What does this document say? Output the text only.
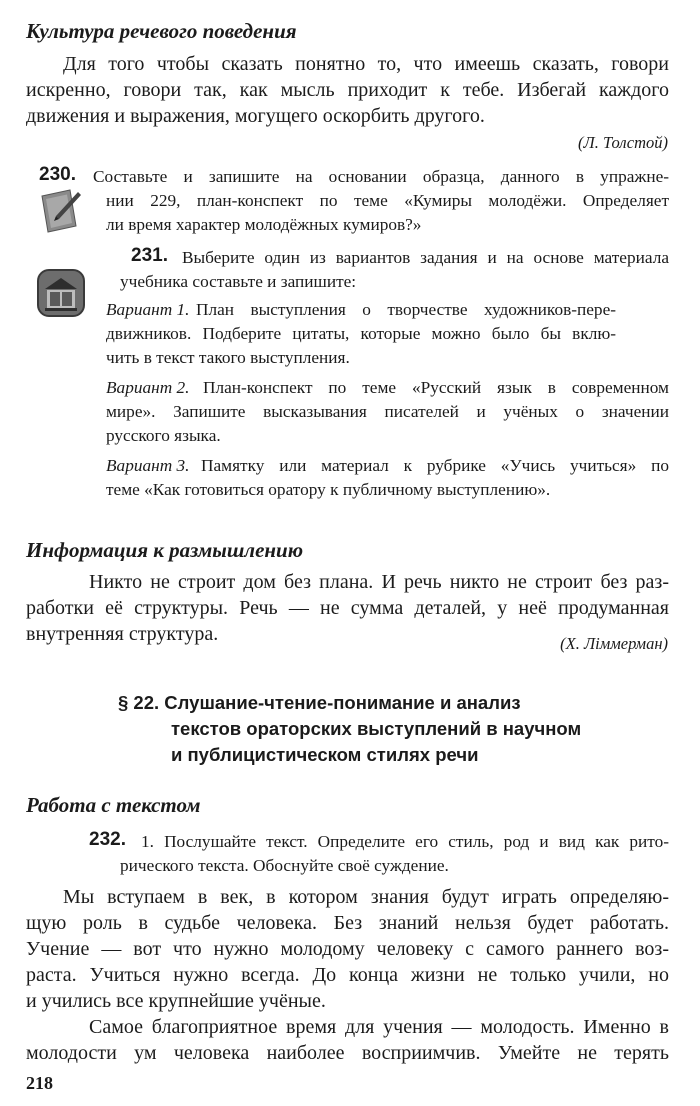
Культура речевого поведения
Для того чтобы сказать понятно то, что имеешь сказать, говори
искренно, говори так, как мысль приходит к тебе. Избегай каждого
движения и выражения, могущего оскорбить другого.
(Л. Толстой)
230. Составьте и запишите на основании образца, данного в упражне-
нии 229, план-конспект по теме «Кумиры молодёжи. Определяет
ли время характер молодёжных кумиров?»
231. Выберите один из вариантов задания и на основе материала
учебника составьте и запишите:
Вариант 1. План выступления о творчестве художников-пере-
движников. Подберите цитаты, которые можно было бы вклю-
чить в текст такого выступления.
Вариант 2. План-конспект по теме «Русский язык в современном
мире». Запишите высказывания писателей и учёных о значении
русского языка.
Вариант 3. Памятку или материал к рубрике «Учись учиться» по
теме «Как готовиться оратору к публичному выступлению».
Информация к размышлению
Никто не строит дом без плана. И речь никто не строит без раз-
работки её структуры. Речь — не сумма деталей, у неё продуманная
внутренняя структура.	(Х. Ліммерман)
§ 22. Слушание-чтение-понимание и анализ
текстов ораторских выступлений в научном
и публицистическом стилях речи
Работа с текстом
232. 1. Послушайте текст. Определите его стиль, род и вид как рито-
рического текста. Обоснуйте своё суждение.
Мы вступаем в век, в котором знания будут играть определяю-
щую роль в судьбе человека. Без знаний нельзя будет работать.
Учение — вот что нужно молодому человеку с самого раннего воз-
раста. Учиться нужно всегда. До конца жизни не только учили, но
и учились все крупнейшие учёные.
Самое благоприятное время для учения — молодость. Именно в
молодости ум человека наиболее восприимчив. Умейте не терять
218
